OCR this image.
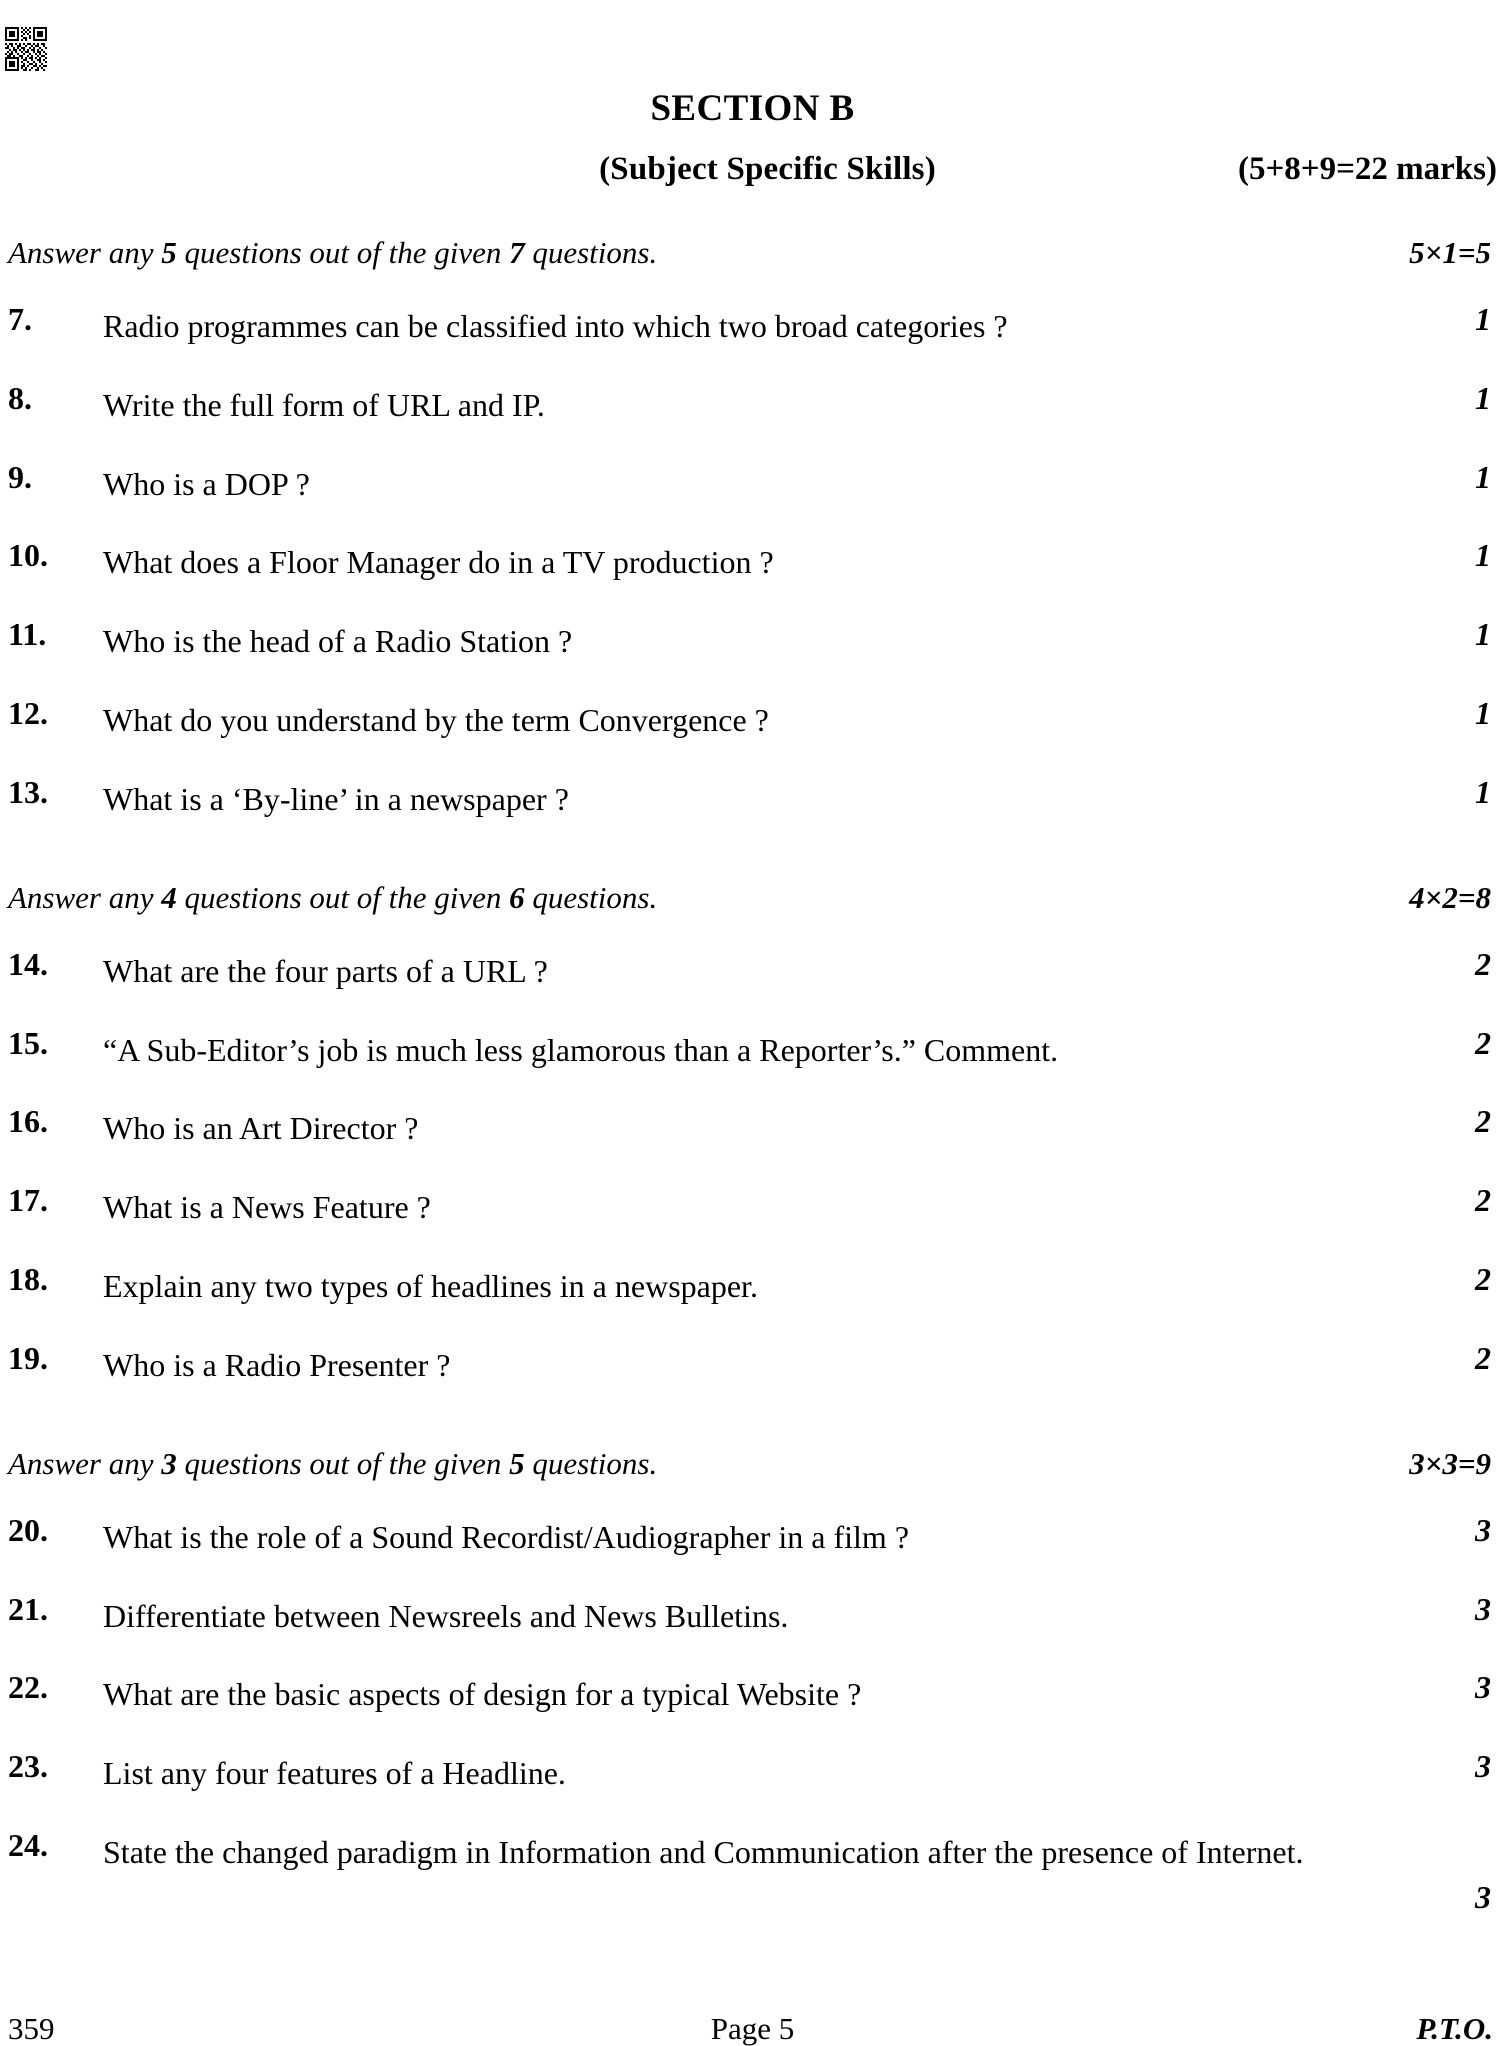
SECTION B
(Subject Specific Skills)	(5+8+9=22 marks)
Answer any 5 questions out of the given 7 questions.	5×1=5
7.	Radio programmes can be classified into which two broad categories ?	1
8.	Write the full form of URL and IP.	1
9.	Who is a DOP ?	1
10.	What does a Floor Manager do in a TV production ?	1
11.	Who is the head of a Radio Station ?	1
12.	What do you understand by the term Convergence ?	1
13.	What is a ‘By-line’ in a newspaper ?	1
Answer any 4 questions out of the given 6 questions.	4×2=8
14.	What are the four parts of a URL ?	2
15.	“A Sub-Editor’s job is much less glamorous than a Reporter’s.” Comment.	2
16.	Who is an Art Director ?	2
17.	What is a News Feature ?	2
18.	Explain any two types of headlines in a newspaper.	2
19.	Who is a Radio Presenter ?	2
Answer any 3 questions out of the given 5 questions.	3×3=9
20.	What is the role of a Sound Recordist/Audiographer in a film ?	3
21.	Differentiate between Newsreels and News Bulletins.	3
22.	What are the basic aspects of design for a typical Website ?	3
23.	List any four features of a Headline.	3
24.	State the changed paradigm in Information and Communication after the presence of Internet.
3
359	Page 5	P.T.O.
